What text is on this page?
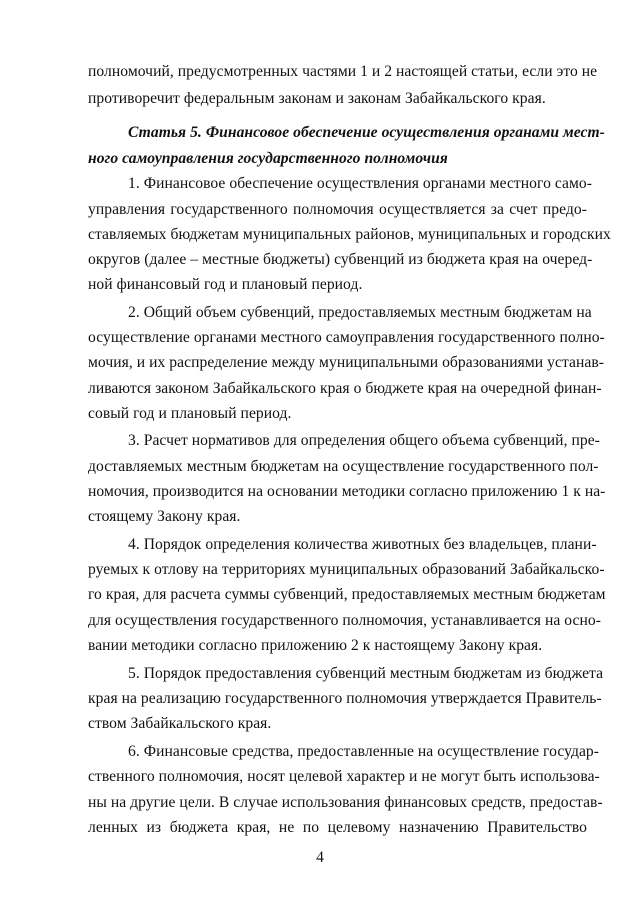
полномочий, предусмотренных частями 1 и 2 настоящей статьи, если это не
противоречит федеральным законам и законам Забайкальского края.
Статья 5. Финансовое обеспечение осуществления органами мест-
ного самоуправления государственного полномочия
1. Финансовое обеспечение осуществления органами местного само-
управления государственного полномочия осуществляется за счет предо-
ставляемых бюджетам муниципальных районов, муниципальных и городских
округов (далее – местные бюджеты) субвенций из бюджета края на очеред-
ной финансовый год и плановый период.
2. Общий объем субвенций, предоставляемых местным бюджетам на
осуществление органами местного самоуправления государственного полно-
мочия, и их распределение между муниципальными образованиями устанав-
ливаются законом Забайкальского края о бюджете края на очередной финан-
совый год и плановый период.
3. Расчет нормативов для определения общего объема субвенций, пре-
доставляемых местным бюджетам на осуществление государственного пол-
номочия, производится на основании методики согласно приложению 1 к на-
стоящему Закону края.
4. Порядок определения количества животных без владельцев, плани-
руемых к отлову на территориях муниципальных образований Забайкальско-
го края, для расчета суммы субвенций, предоставляемых местным бюджетам
для осуществления государственного полномочия, устанавливается на осно-
вании методики согласно приложению 2 к настоящему Закону края.
5. Порядок предоставления субвенций местным бюджетам из бюджета
края на реализацию государственного полномочия утверждается Правитель-
ством Забайкальского края.
6. Финансовые средства, предоставленные на осуществление государ-
ственного полномочия, носят целевой характер и не могут быть использова-
ны на другие цели. В случае использования финансовых средств, предостав-
ленных из бюджета края, не по целевому назначению Правительство
4
